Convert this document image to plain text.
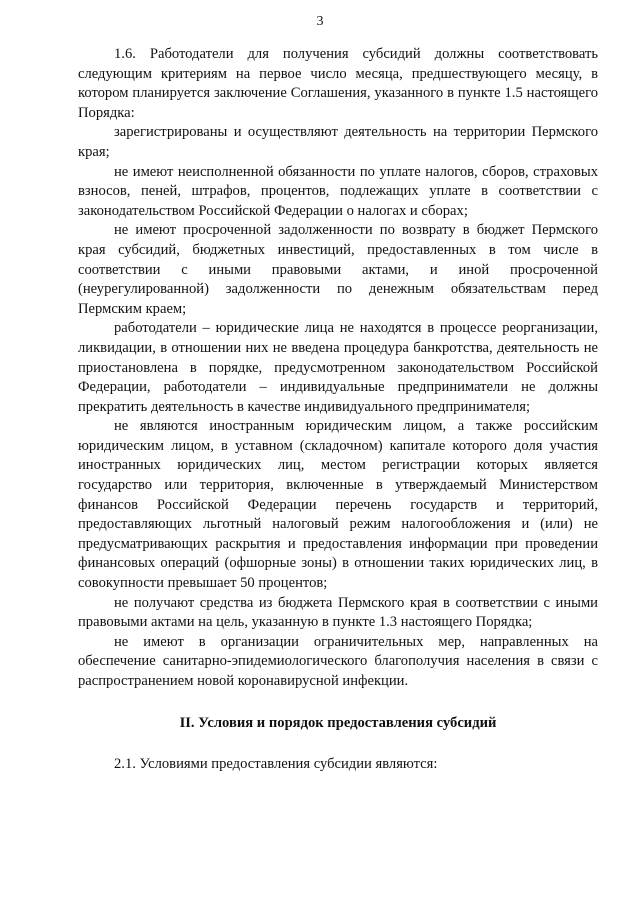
3

1.6. Работодатели для получения субсидий должны соответствовать следующим критериям на первое число месяца, предшествующего месяцу, в котором планируется заключение Соглашения, указанного в пункте 1.5 настоящего Порядка:

зарегистрированы и осуществляют деятельность на территории Пермского края;

не имеют неисполненной обязанности по уплате налогов, сборов, страховых взносов, пеней, штрафов, процентов, подлежащих уплате в соответствии с законодательством Российской Федерации о налогах и сборах;

не имеют просроченной задолженности по возврату в бюджет Пермского края субсидий, бюджетных инвестиций, предоставленных в том числе в соответствии с иными правовыми актами, и иной просроченной (неурегулированной) задолженности по денежным обязательствам перед Пермским краем;

работодатели – юридические лица не находятся в процессе реорганизации, ликвидации, в отношении них не введена процедура банкротства, деятельность не приостановлена в порядке, предусмотренном законодательством Российской Федерации, работодатели – индивидуальные предприниматели не должны прекратить деятельность в качестве индивидуального предпринимателя;

не являются иностранным юридическим лицом, а также российским юридическим лицом, в уставном (складочном) капитале которого доля участия иностранных юридических лиц, местом регистрации которых является государство или территория, включенные в утверждаемый Министерством финансов Российской Федерации перечень государств и территорий, предоставляющих льготный налоговый режим налогообложения и (или) не предусматривающих раскрытия и предоставления информации при проведении финансовых операций (офшорные зоны) в отношении таких юридических лиц, в совокупности превышает 50 процентов;

не получают средства из бюджета Пермского края в соответствии с иными правовыми актами на цель, указанную в пункте 1.3 настоящего Порядка;

не имеют в организации ограничительных мер, направленных на обеспечение санитарно-эпидемиологического благополучия населения в связи с распространением новой коронавирусной инфекции.

II. Условия и порядок предоставления субсидий

2.1. Условиями предоставления субсидии являются:
